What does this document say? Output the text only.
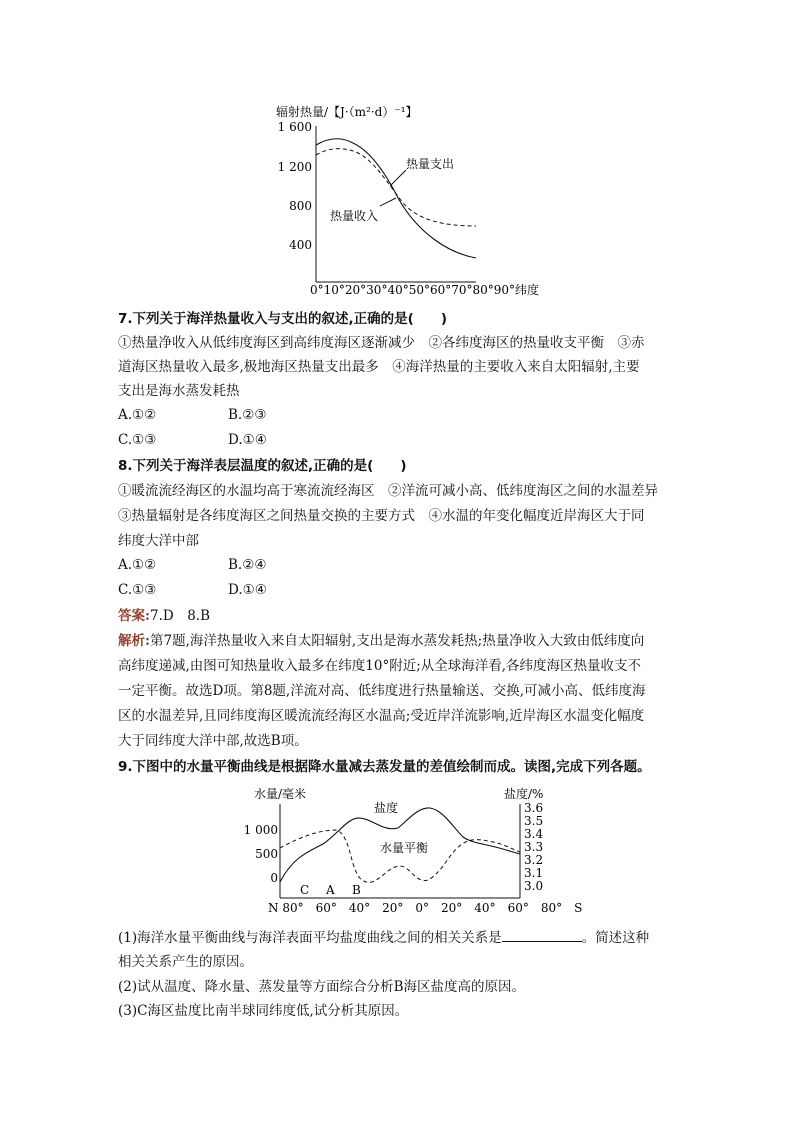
辐射热量/【J·（m²·d）⁻¹】
1 600
1 200
800
400
热量支出
热量收入
0°10°20°30°40°50°60°70°80°90°纬度
7.下列关于海洋热量收入与支出的叙述,正确的是(　　)
①热量净收入从低纬度海区到高纬度海区逐渐减少　②各纬度海区的热量收支平衡　③赤
道海区热量收入最多,极地海区热量支出最多　④海洋热量的主要收入来自太阳辐射,主要
支出是海水蒸发耗热
A.①②	B.②③
C.①③	D.①④
8.下列关于海洋表层温度的叙述,正确的是(　　)
①暖流流经海区的水温均高于寒流流经海区　②洋流可减小高、低纬度海区之间的水温差异
③热量辐射是各纬度海区之间热量交换的主要方式　④水温的年变化幅度近岸海区大于同
纬度大洋中部
A.①②	B.②④
C.①③	D.①④
答案:7.D　8.B
解析:第7题,海洋热量收入来自太阳辐射,支出是海水蒸发耗热;热量净收入大致由低纬度向
高纬度递减,由图可知热量收入最多在纬度10°附近;从全球海洋看,各纬度海区热量收支不
一定平衡。故选D项。第8题,洋流对高、低纬度进行热量输送、交换,可减小高、低纬度海
区的水温差异,且同纬度海区暖流流经海区水温高;受近岸洋流影响,近岸海区水温变化幅度
大于同纬度大洋中部,故选B项。
9.下图中的水量平衡曲线是根据降水量减去蒸发量的差值绘制而成。读图,完成下列各题。
水量/毫米	盐度/%
1 000
500
0
3.6
3.5
3.4
3.3
3.2
3.1
3.0
盐度
水量平衡
C A B
N 80°　60°　40°　20°　0°　20°　40°　60°　80°　S
(1)海洋水量平衡曲线与海洋表面平均盐度曲线之间的相关关系是	。简述这种
相关关系产生的原因。
(2)试从温度、降水量、蒸发量等方面综合分析B海区盐度高的原因。
(3)C海区盐度比南半球同纬度低,试分析其原因。
